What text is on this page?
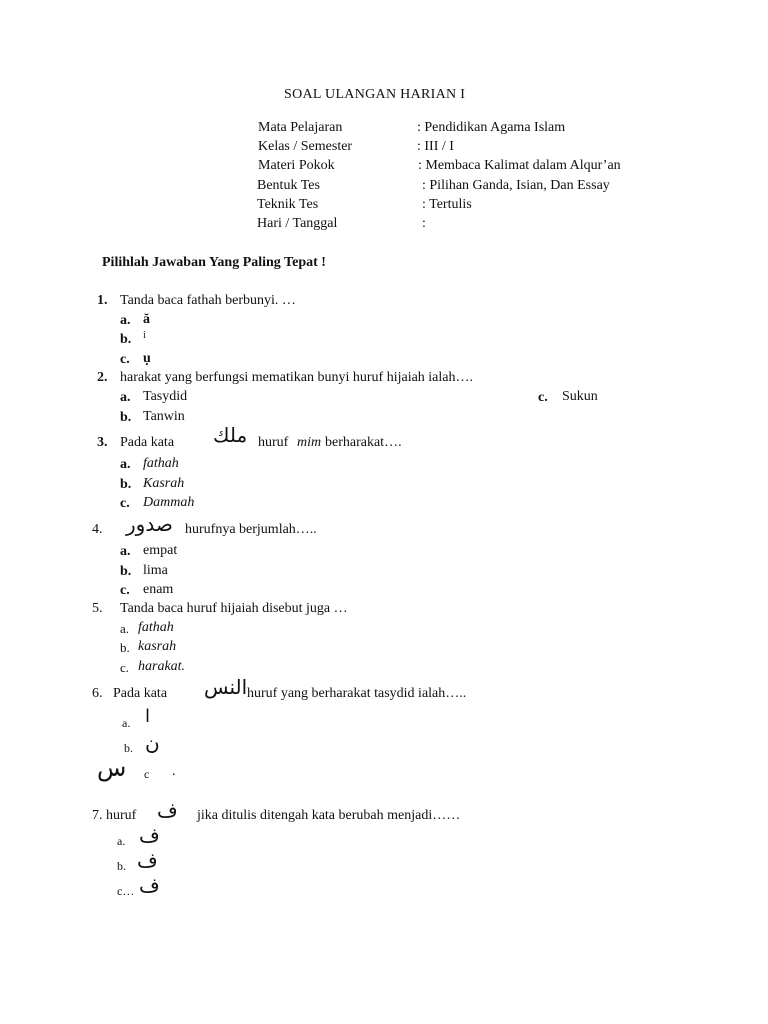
SOAL ULANGAN HARIAN I
Mata Pelajaran	: Pendidikan Agama Islam
Kelas / Semester	: III / I
Materi Pokok	: Membaca Kalimat dalam Alqur’an
Bentuk Tes	: Pilihan Ganda, Isian, Dan Essay
Teknik Tes	: Tertulis
Hari / Tanggal	:
Pilihlah Jawaban Yang Paling Tepat !
1. Tanda baca fathah berbunyi. …
a. ă
b. ỉ
c. ụ
2. harakat yang berfungsi mematikan bunyi huruf hijaiah ialah….
a. Tasydid
b. Tanwin
c. Sukun
3. Pada kata ملك huruf mim berharakat….
a. fathah
b. Kasrah
c. Dammah
4. صدور hurufnya berjumlah…..
a. empat
b. lima
c. enam
5. Tanda baca huruf hijaiah disebut juga …
a. fathah
b. kasrah
c. harakat.
6. Pada kata النس huruf yang berharakat tasydid ialah…..
a. ا
b. ن
c .
س
7. huruf ف jika ditulis ditengah kata berubah menjadi……
a. ف
b. ف
c… ف
